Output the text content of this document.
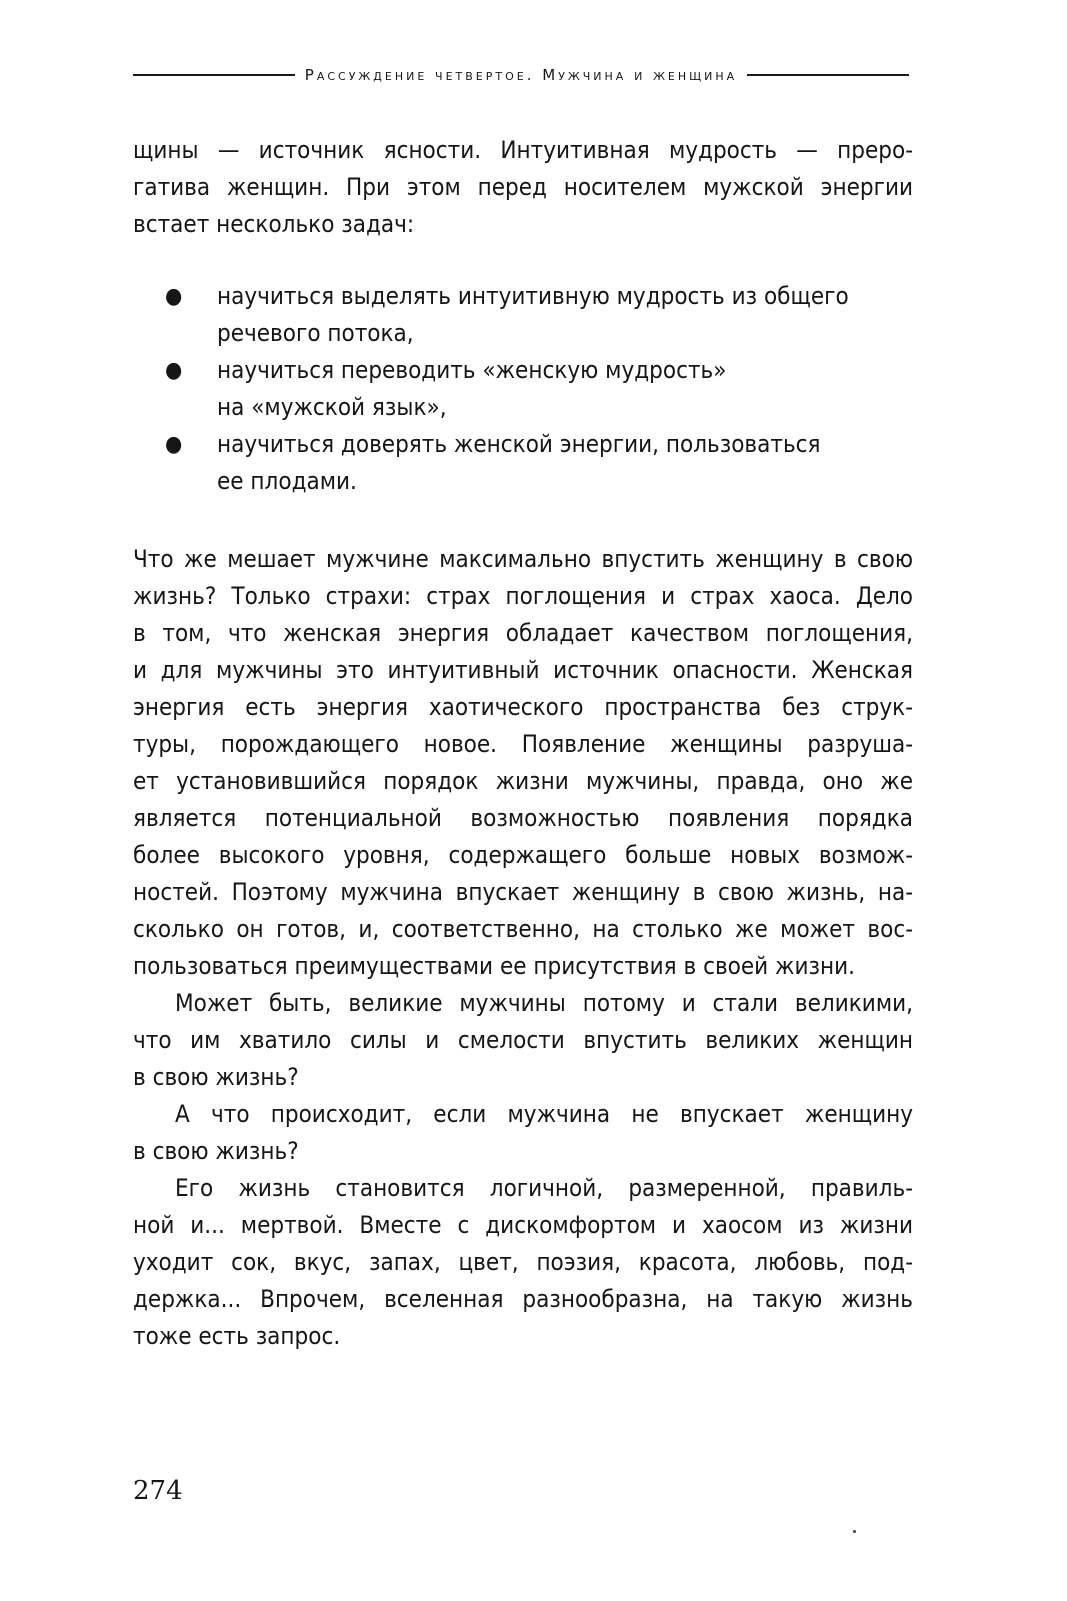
Рассуждение четвертое. Мужчина и женщина
щины — источник ясности. Интуитивная мудрость — преро-
гатива женщин. При этом перед носителем мужской энергии
встает несколько задач:
● научиться выделять интуитивную мудрость из общего
речевого потока,
● научиться переводить «женскую мудрость»
на «мужской язык»,
● научиться доверять женской энергии, пользоваться
ее плодами.

Что же мешает мужчине максимально впустить женщину в свою
жизнь? Только страхи: страх поглощения и страх хаоса. Дело
в том, что женская энергия обладает качеством поглощения,
и для мужчины это интуитивный источник опасности. Женская
энергия есть энергия хаотического пространства без струк-
туры, порождающего новое. Появление женщины разруша-
ет установившийся порядок жизни мужчины, правда, оно же
является потенциальной возможностью появления порядка
более высокого уровня, содержащего больше новых возмож-
ностей. Поэтому мужчина впускает женщину в свою жизнь, на-
сколько он готов, и, соответственно, на столько же может вос-
пользоваться преимуществами ее присутствия в своей жизни.

Может быть, великие мужчины потому и стали великими,
что им хватило силы и смелости впустить великих женщин
в свою жизнь?

А что происходит, если мужчина не впускает женщину
в свою жизнь?

Его жизнь становится логичной, размеренной, правиль-
ной и... мертвой. Вместе с дискомфортом и хаосом из жизни
уходит сок, вкус, запах, цвет, поэзия, красота, любовь, под-
держка... Впрочем, вселенная разнообразна, на такую жизнь
тоже есть запрос.

274
